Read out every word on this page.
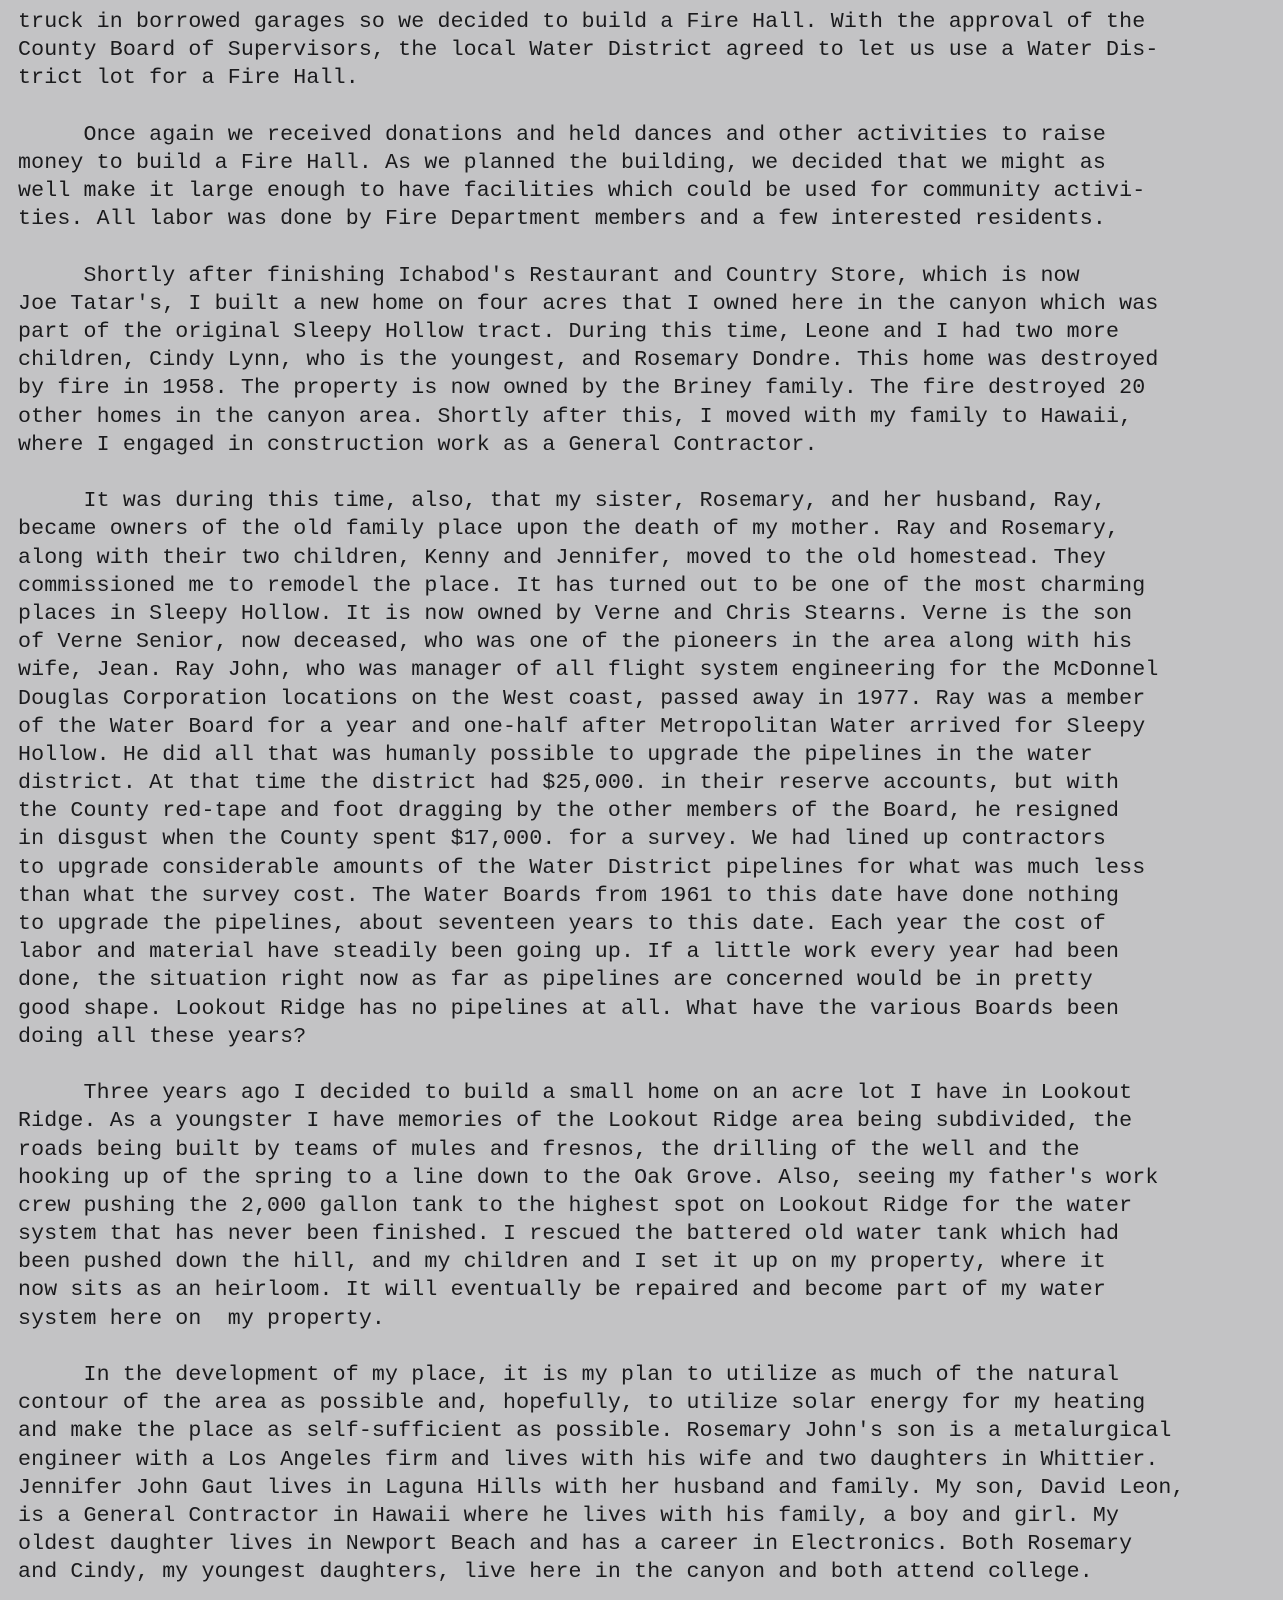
truck in borrowed garages so we decided to build a Fire Hall. With the approval of the
County Board of Supervisors, the local Water District agreed to let us use a Water Dis-
trict lot for a Fire Hall.
Once again we received donations and held dances and other activities to raise
money to build a Fire Hall. As we planned the building, we decided that we might as
well make it large enough to have facilities which could be used for community activi-
ties. All labor was done by Fire Department members and a few interested residents.
Shortly after finishing Ichabod's Restaurant and Country Store, which is now
Joe Tatar's, I built a new home on four acres that I owned here in the canyon which was
part of the original Sleepy Hollow tract. During this time, Leone and I had two more
children, Cindy Lynn, who is the youngest, and Rosemary Dondre. This home was destroyed
by fire in 1958. The property is now owned by the Briney family. The fire destroyed 20
other homes in the canyon area. Shortly after this, I moved with my family to Hawaii,
where I engaged in construction work as a General Contractor.
It was during this time, also, that my sister, Rosemary, and her husband, Ray,
became owners of the old family place upon the death of my mother. Ray and Rosemary,
along with their two children, Kenny and Jennifer, moved to the old homestead. They
commissioned me to remodel the place. It has turned out to be one of the most charming
places in Sleepy Hollow. It is now owned by Verne and Chris Stearns. Verne is the son
of Verne Senior, now deceased, who was one of the pioneers in the area along with his
wife, Jean. Ray John, who was manager of all flight system engineering for the McDonnel
Douglas Corporation locations on the West coast, passed away in 1977. Ray was a member
of the Water Board for a year and one-half after Metropolitan Water arrived for Sleepy
Hollow. He did all that was humanly possible to upgrade the pipelines in the water
district. At that time the district had $25,000. in their reserve accounts, but with
the County red-tape and foot dragging by the other members of the Board, he resigned
in disgust when the County spent $17,000. for a survey. We had lined up contractors
to upgrade considerable amounts of the Water District pipelines for what was much less
than what the survey cost. The Water Boards from 1961 to this date have done nothing
to upgrade the pipelines, about seventeen years to this date. Each year the cost of
labor and material have steadily been going up. If a little work every year had been
done, the situation right now as far as pipelines are concerned would be in pretty
good shape. Lookout Ridge has no pipelines at all. What have the various Boards been
doing all these years?
Three years ago I decided to build a small home on an acre lot I have in Lookout
Ridge. As a youngster I have memories of the Lookout Ridge area being subdivided, the
roads being built by teams of mules and fresnos, the drilling of the well and the
hooking up of the spring to a line down to the Oak Grove. Also, seeing my father's work
crew pushing the 2,000 gallon tank to the highest spot on Lookout Ridge for the water
system that has never been finished. I rescued the battered old water tank which had
been pushed down the hill, and my children and I set it up on my property, where it
now sits as an heirloom. It will eventually be repaired and become part of my water
system here on  my property.
In the development of my place, it is my plan to utilize as much of the natural
contour of the area as possible and, hopefully, to utilize solar energy for my heating
and make the place as self-sufficient as possible. Rosemary John's son is a metalurgical
engineer with a Los Angeles firm and lives with his wife and two daughters in Whittier.
Jennifer John Gaut lives in Laguna Hills with her husband and family. My son, David Leon,
is a General Contractor in Hawaii where he lives with his family, a boy and girl. My
oldest daughter lives in Newport Beach and has a career in Electronics. Both Rosemary
and Cindy, my youngest daughters, live here in the canyon and both attend college.
